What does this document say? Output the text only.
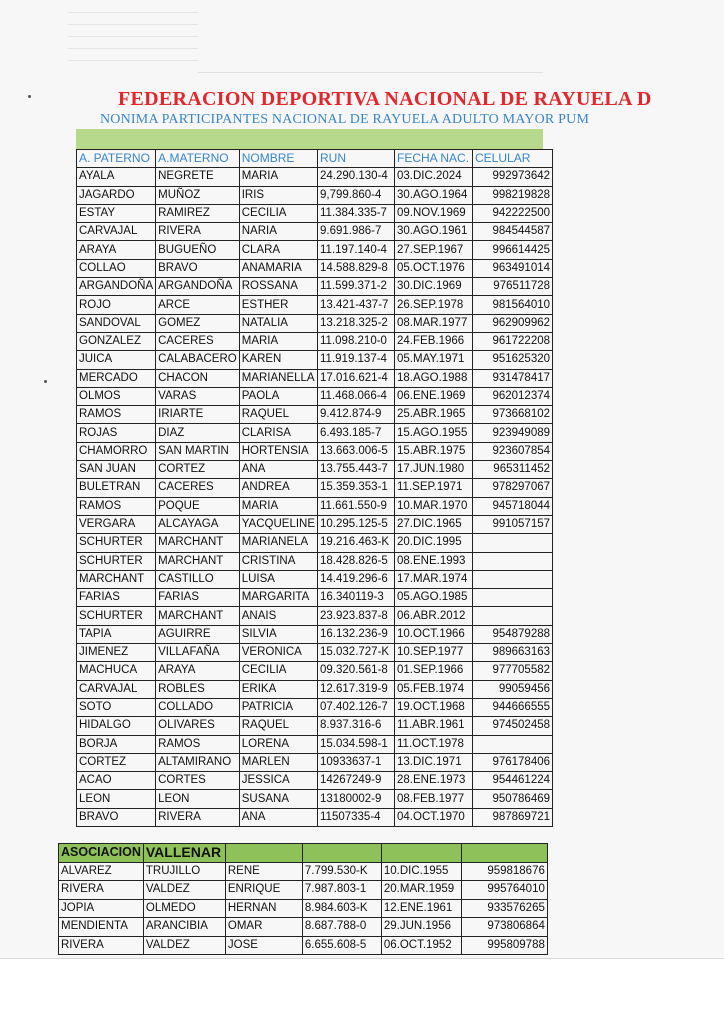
FEDERACION DEPORTIVA NACIONAL DE RAYUELA D
NONIMA PARTICIPANTES NACIONAL DE RAYUELA ADULTO MAYOR PUM
A. PATERNO	A.MATERNO	NOMBRE	RUN	FECHA NAC.	CELULAR
AYALA	NEGRETE	MARIA	24.290.130-4	03.DIC.2024	992973642
JAGARDO	MUÑOZ	IRIS	9,799.860-4	30.AGO.1964	998219828
ESTAY	RAMIREZ	CECILIA	11.384.335-7	09.NOV.1969	942222500
CARVAJAL	RIVERA	NARIA	9.691.986-7	30.AGO.1961	984544587
ARAYA	BUGUEÑO	CLARA	11.197.140-4	27.SEP.1967	996614425
COLLAO	BRAVO	ANAMARIA	14.588.829-8	05.OCT.1976	963491014
ARGANDOÑA	ARGANDOÑA	ROSSANA	11.599.371-2	30.DIC.1969	976511728
ROJO	ARCE	ESTHER	13.421-437-7	26.SEP.1978	981564010
SANDOVAL	GOMEZ	NATALIA	13.218.325-2	08.MAR.1977	962909962
GONZALEZ	CACERES	MARIA	11.098.210-0	24.FEB.1966	961722208
JUICA	CALABACERO	KAREN	11.919.137-4	05.MAY.1971	951625320
MERCADO	CHACON	MARIANELLA	17.016.621-4	18.AGO.1988	931478417
OLMOS	VARAS	PAOLA	11.468.066-4	06.ENE.1969	962012374
RAMOS	IRIARTE	RAQUEL	9.412.874-9	25.ABR.1965	973668102
ROJAS	DIAZ	CLARISA	6.493.185-7	15.AGO.1955	923949089
CHAMORRO	SAN MARTIN	HORTENSIA	13.663.006-5	15.ABR.1975	923607854
SAN JUAN	CORTEZ	ANA	13.755.443-7	17.JUN.1980	965311452
BULETRAN	CACERES	ANDREA	15.359.353-1	11.SEP.1971	978297067
RAMOS	POQUE	MARIA	11.661.550-9	10.MAR.1970	945718044
VERGARA	ALCAYAGA	YACQUELINE	10.295.125-5	27.DIC.1965	991057157
SCHURTER	MARCHANT	MARIANELA	19.216.463-K	20.DIC.1995	
SCHURTER	MARCHANT	CRISTINA	18.428.826-5	08.ENE.1993	
MARCHANT	CASTILLO	LUISA	14.419.296-6	17.MAR.1974	
FARIAS	FARIAS	MARGARITA	16.340119-3	05.AGO.1985	
SCHURTER	MARCHANT	ANAIS	23.923.837-8	06.ABR.2012	
TAPIA	AGUIRRE	SILVIA	16.132.236-9	10.OCT.1966	954879288
JIMENEZ	VILLAFAÑA	VERONICA	15.032.727-K	10.SEP.1977	989663163
MACHUCA	ARAYA	CECILIA	09.320.561-8	01.SEP.1966	977705582
CARVAJAL	ROBLES	ERIKA	12.617.319-9	05.FEB.1974	99059456
SOTO	COLLADO	PATRICIA	07.402.126-7	19.OCT.1968	944666555
HIDALGO	OLIVARES	RAQUEL	8.937.316-6	11.ABR.1961	974502458
BORJA	RAMOS	LORENA	15.034.598-1	11.OCT.1978	
CORTEZ	ALTAMIRANO	MARLEN	10933637-1	13.DIC.1971	976178406
ACAO	CORTES	JESSICA	14267249-9	28.ENE.1973	954461224
LEON	LEON	SUSANA	13180002-9	08.FEB.1977	950786469
BRAVO	RIVERA	ANA	11507335-4	04.OCT.1970	987869721
ASOCIACION	VALLENAR				
ALVAREZ	TRUJILLO	RENE	7.799.530-K	10.DIC.1955	959818676
RIVERA	VALDEZ	ENRIQUE	7.987.803-1	20.MAR.1959	995764010
JOPIA	OLMEDO	HERNAN	8.984.603-K	12.ENE.1961	933576265
MENDIENTA	ARANCIBIA	OMAR	8.687.788-0	29.JUN.1956	973806864
RIVERA	VALDEZ	JOSE	6.655.608-5	06.OCT.1952	995809788
